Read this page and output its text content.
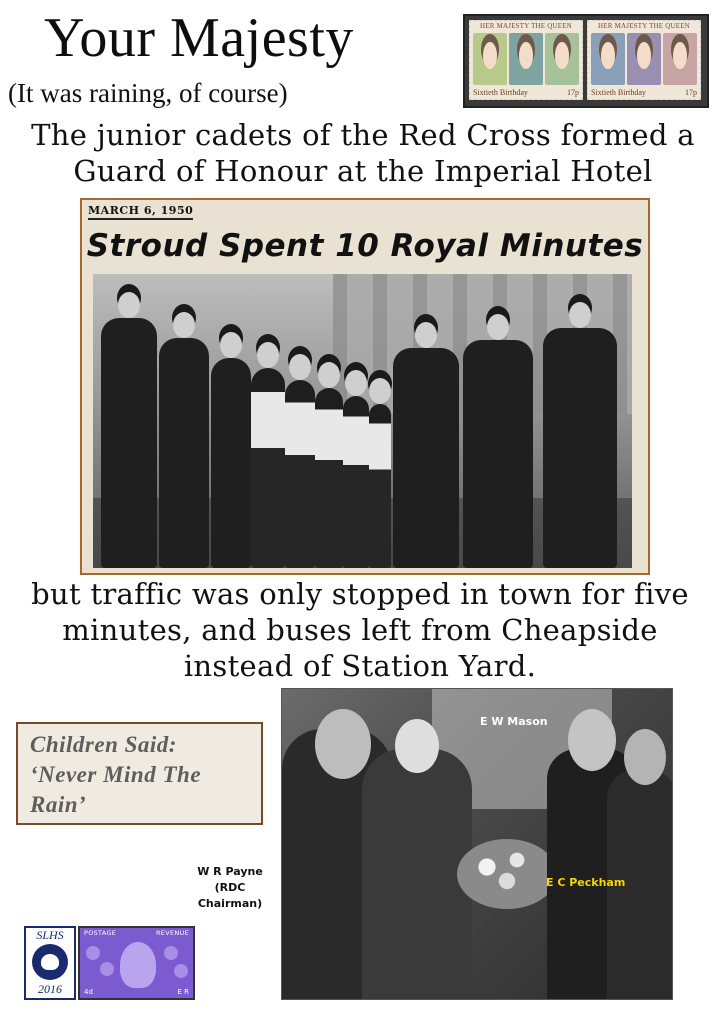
Your Majesty
(It was raining, of course)
HER MAJESTY THE QUEEN
Sixtieth Birthday	17p
HER MAJESTY THE QUEEN
Sixtieth Birthday	17p
The junior cadets of the Red Cross formed a Guard of Honour at the Imperial Hotel
MARCH 6, 1950
Stroud Spent 10 Royal Minutes
but traffic was only stopped in town for five minutes, and buses left from Cheapside instead of Station Yard.
Children Said:
‘Never Mind The
Rain’
W R Payne
(RDC Chairman)
E W Mason
E C Peckham
SLHS
2016
POSTAGE	REVENUE
4d	E R
